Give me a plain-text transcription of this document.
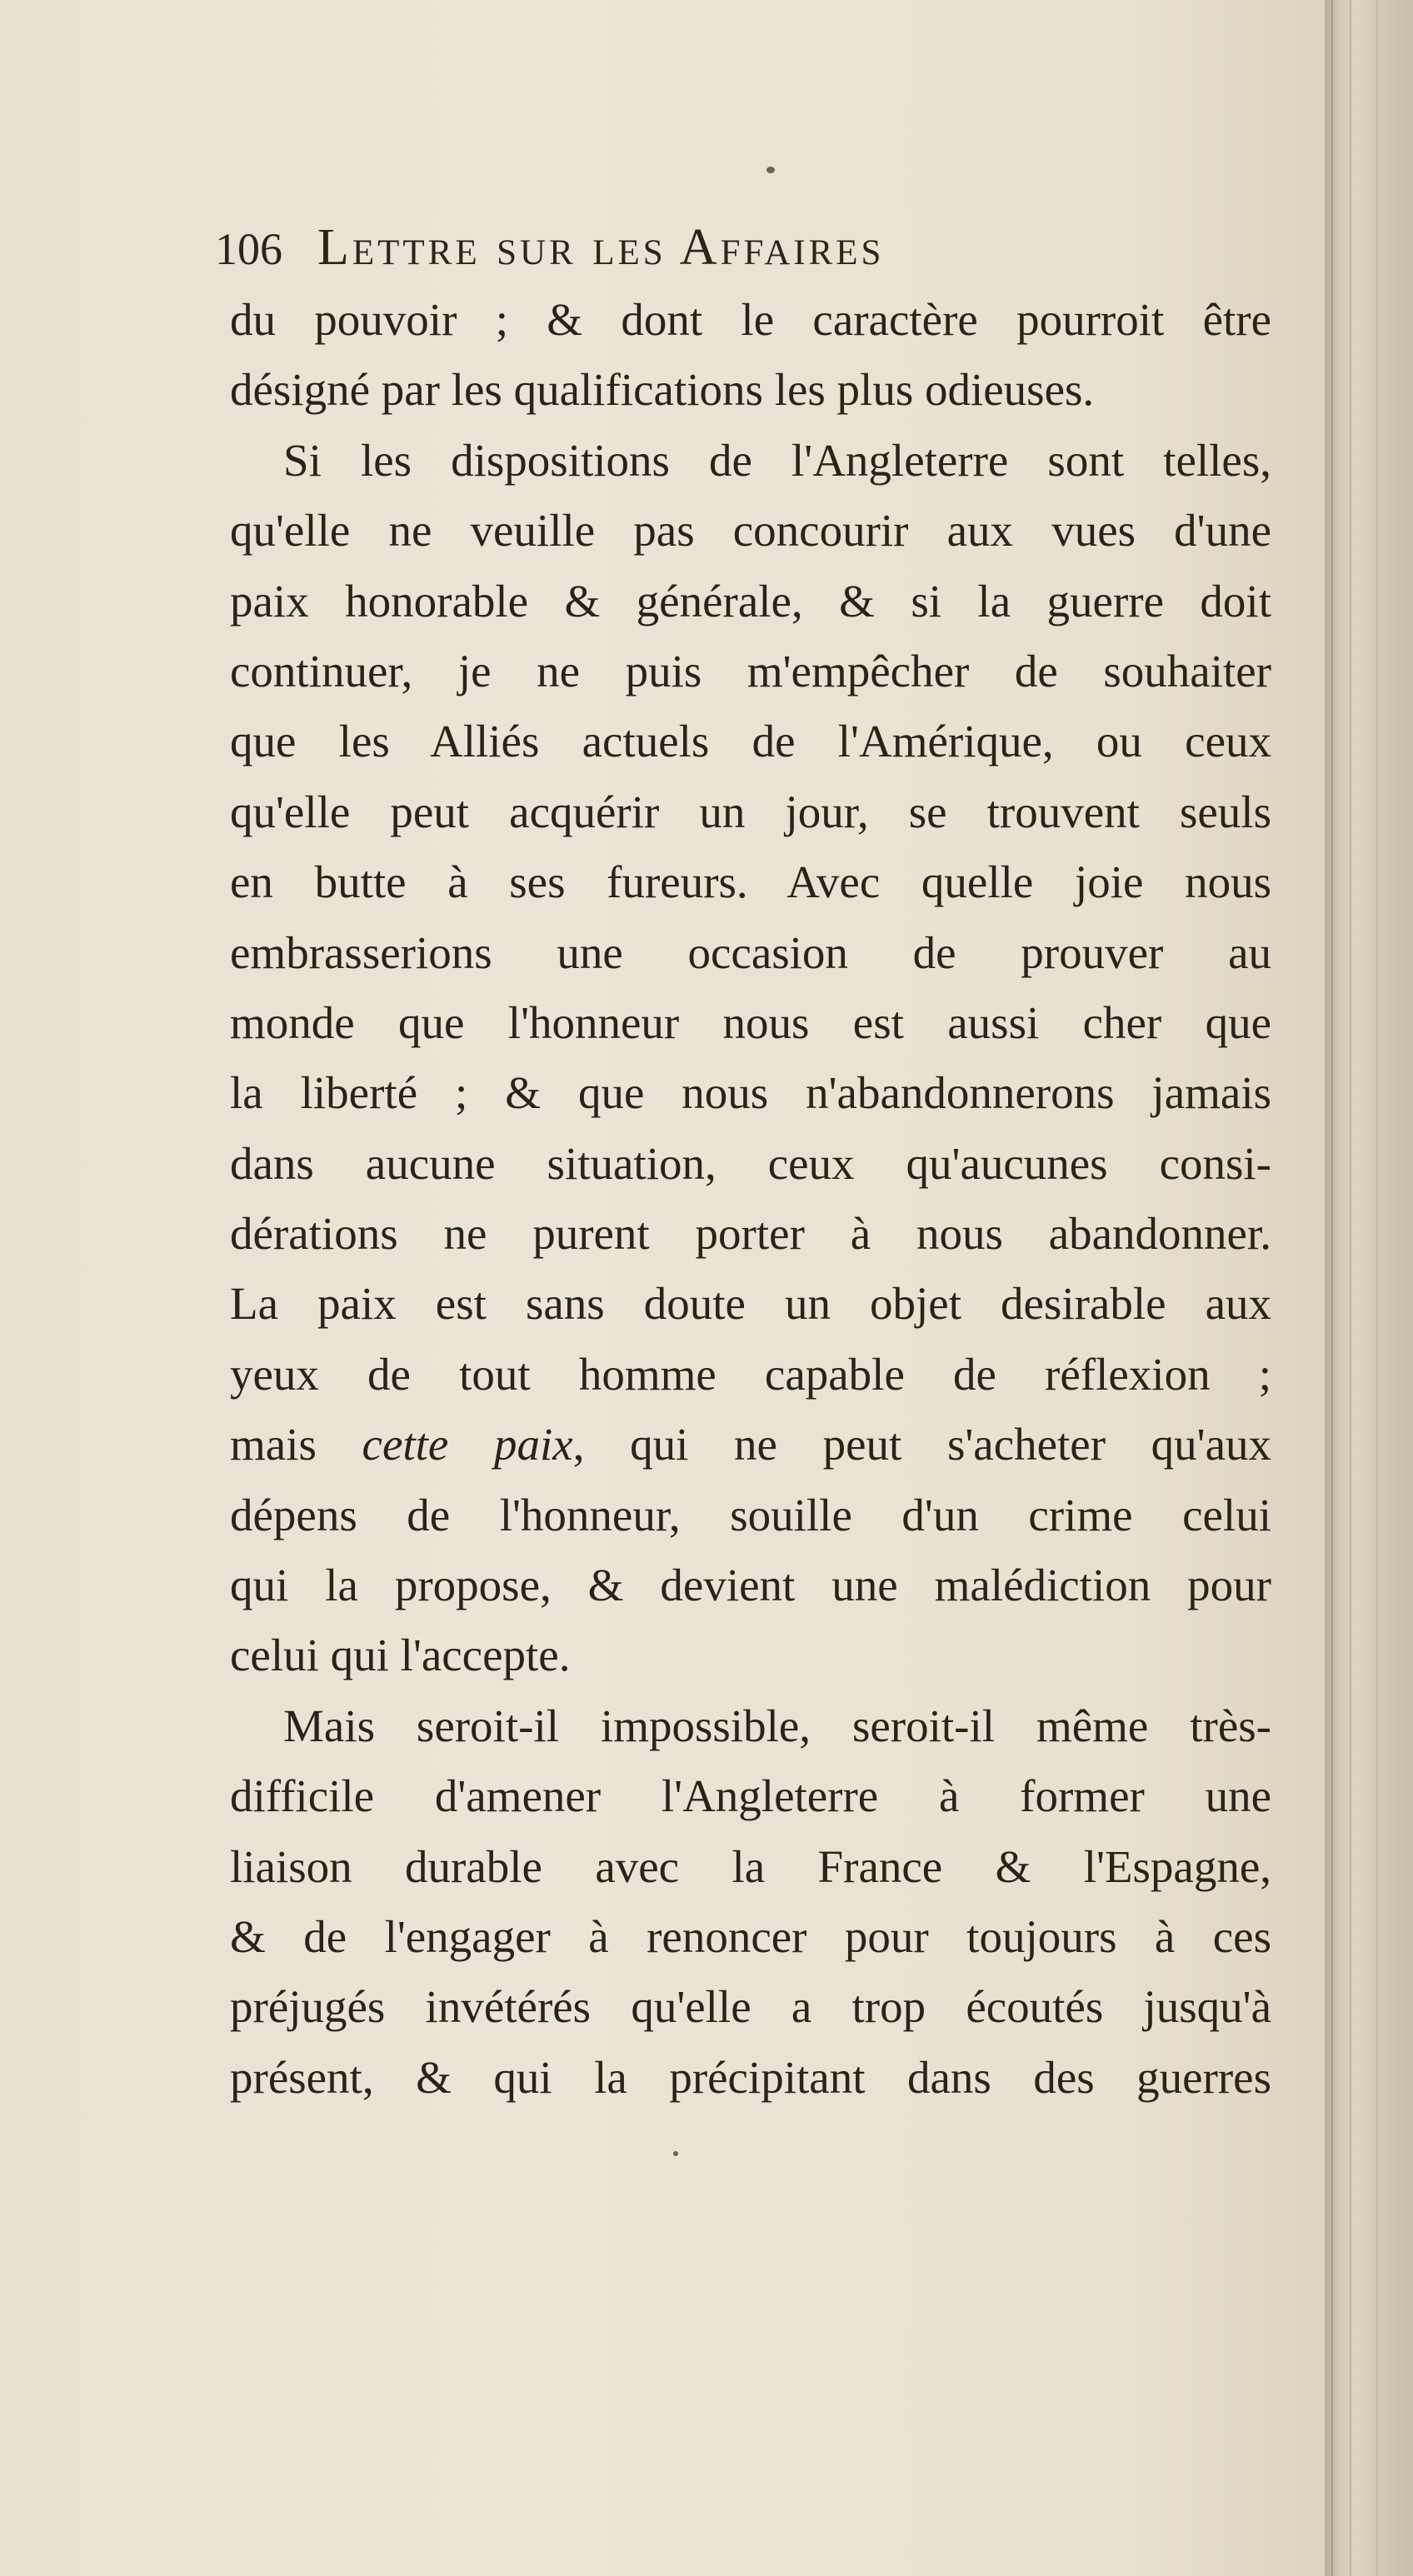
106 Lettre sur les Affaires
du pouvoir ; & dont le caractère pourroit être
désigné par les qualifications les plus odieuses.
Si les dispositions de l'Angleterre sont telles,
qu'elle ne veuille pas concourir aux vues d'une
paix honorable & générale, & si la guerre doit
continuer, je ne puis m'empêcher de souhaiter
que les Alliés actuels de l'Amérique, ou ceux
qu'elle peut acquérir un jour, se trouvent seuls
en butte à ses fureurs. Avec quelle joie nous
embrasserions une occasion de prouver au
monde que l'honneur nous est aussi cher que
la liberté ; & que nous n'abandonnerons jamais
dans aucune situation, ceux qu'aucunes consi-
dérations ne purent porter à nous abandonner.
La paix est sans doute un objet desirable aux
yeux de tout homme capable de réflexion ;
mais cette paix, qui ne peut s'acheter qu'aux
dépens de l'honneur, souille d'un crime celui
qui la propose, & devient une malédiction pour
celui qui l'accepte.
Mais seroit-il impossible, seroit-il même très-
difficile d'amener l'Angleterre à former une
liaison durable avec la France & l'Espagne,
& de l'engager à renoncer pour toujours à ces
préjugés invétérés qu'elle a trop écoutés jusqu'à
présent, & qui la précipitant dans des guerres
